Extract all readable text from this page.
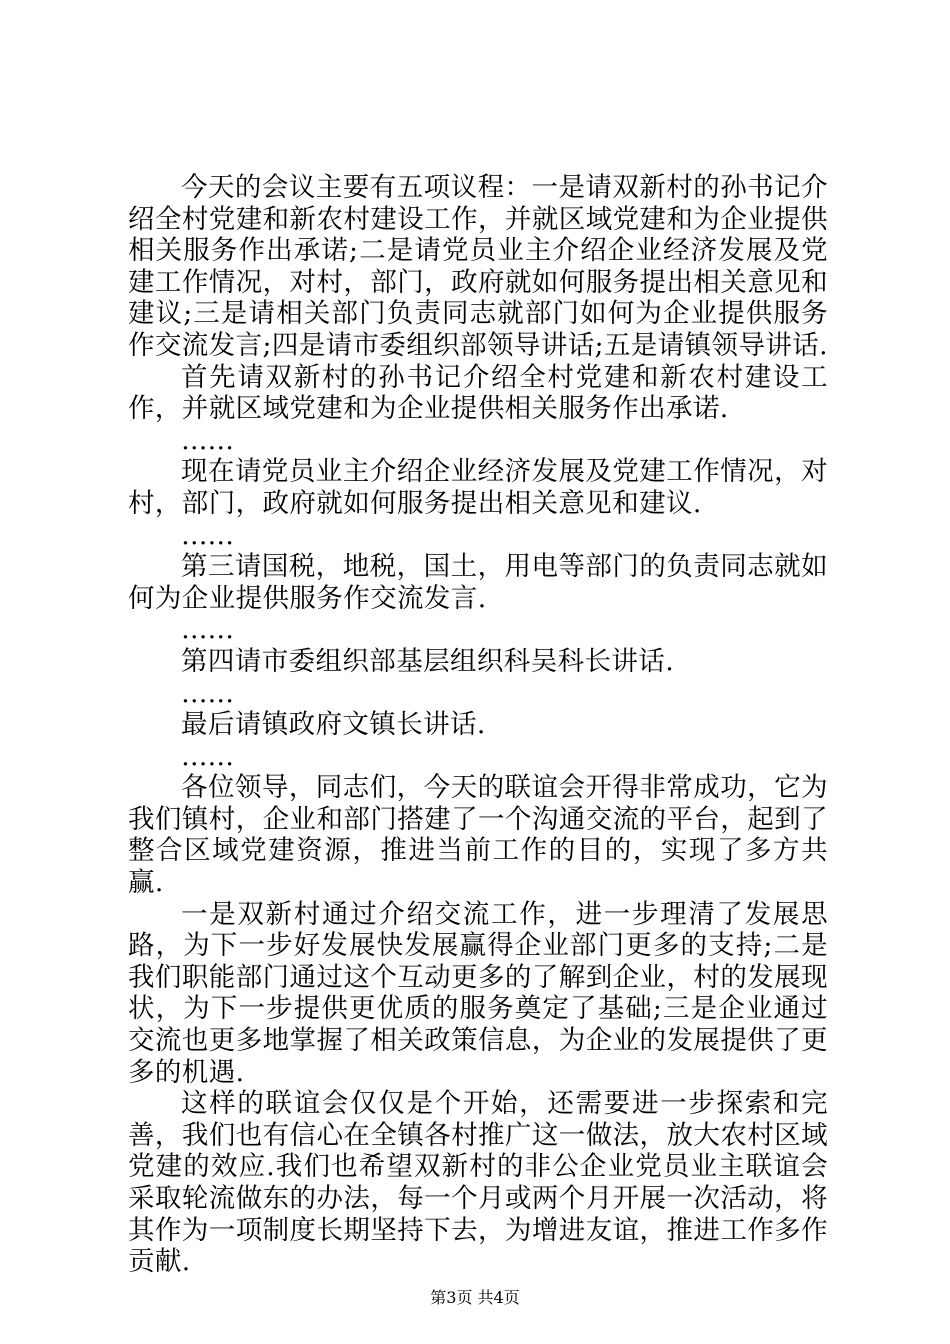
今天的会议主要有五项议程：一是请双新村的孙书记介绍全村党建和新农村建设工作，并就区域党建和为企业提供相关服务作出承诺;二是请党员业主介绍企业经济发展及党建工作情况，对村，部门，政府就如何服务提出相关意见和建议;三是请相关部门负责同志就部门如何为企业提供服务作交流发言;四是请市委组织部领导讲话;五是请镇领导讲话.

首先请双新村的孙书记介绍全村党建和新农村建设工作，并就区域党建和为企业提供相关服务作出承诺.

……

现在请党员业主介绍企业经济发展及党建工作情况，对村，部门，政府就如何服务提出相关意见和建议.

……

第三请国税，地税，国土，用电等部门的负责同志就如何为企业提供服务作交流发言.

……

第四请市委组织部基层组织科吴科长讲话.

……

最后请镇政府文镇长讲话.

……

各位领导，同志们，今天的联谊会开得非常成功，它为我们镇村，企业和部门搭建了一个沟通交流的平台，起到了整合区域党建资源，推进当前工作的目的，实现了多方共赢.

一是双新村通过介绍交流工作，进一步理清了发展思路，为下一步好发展快发展赢得企业部门更多的支持;二是我们职能部门通过这个互动更多的了解到企业，村的发展现状，为下一步提供更优质的服务奠定了基础;三是企业通过交流也更多地掌握了相关政策信息，为企业的发展提供了更多的机遇.

这样的联谊会仅仅是个开始，还需要进一步探索和完善，我们也有信心在全镇各村推广这一做法，放大农村区域党建的效应.我们也希望双新村的非公企业党员业主联谊会采取轮流做东的办法，每一个月或两个月开展一次活动，将其作为一项制度长期坚持下去，为增进友谊，推进工作多作贡献.

第3页 共4页
